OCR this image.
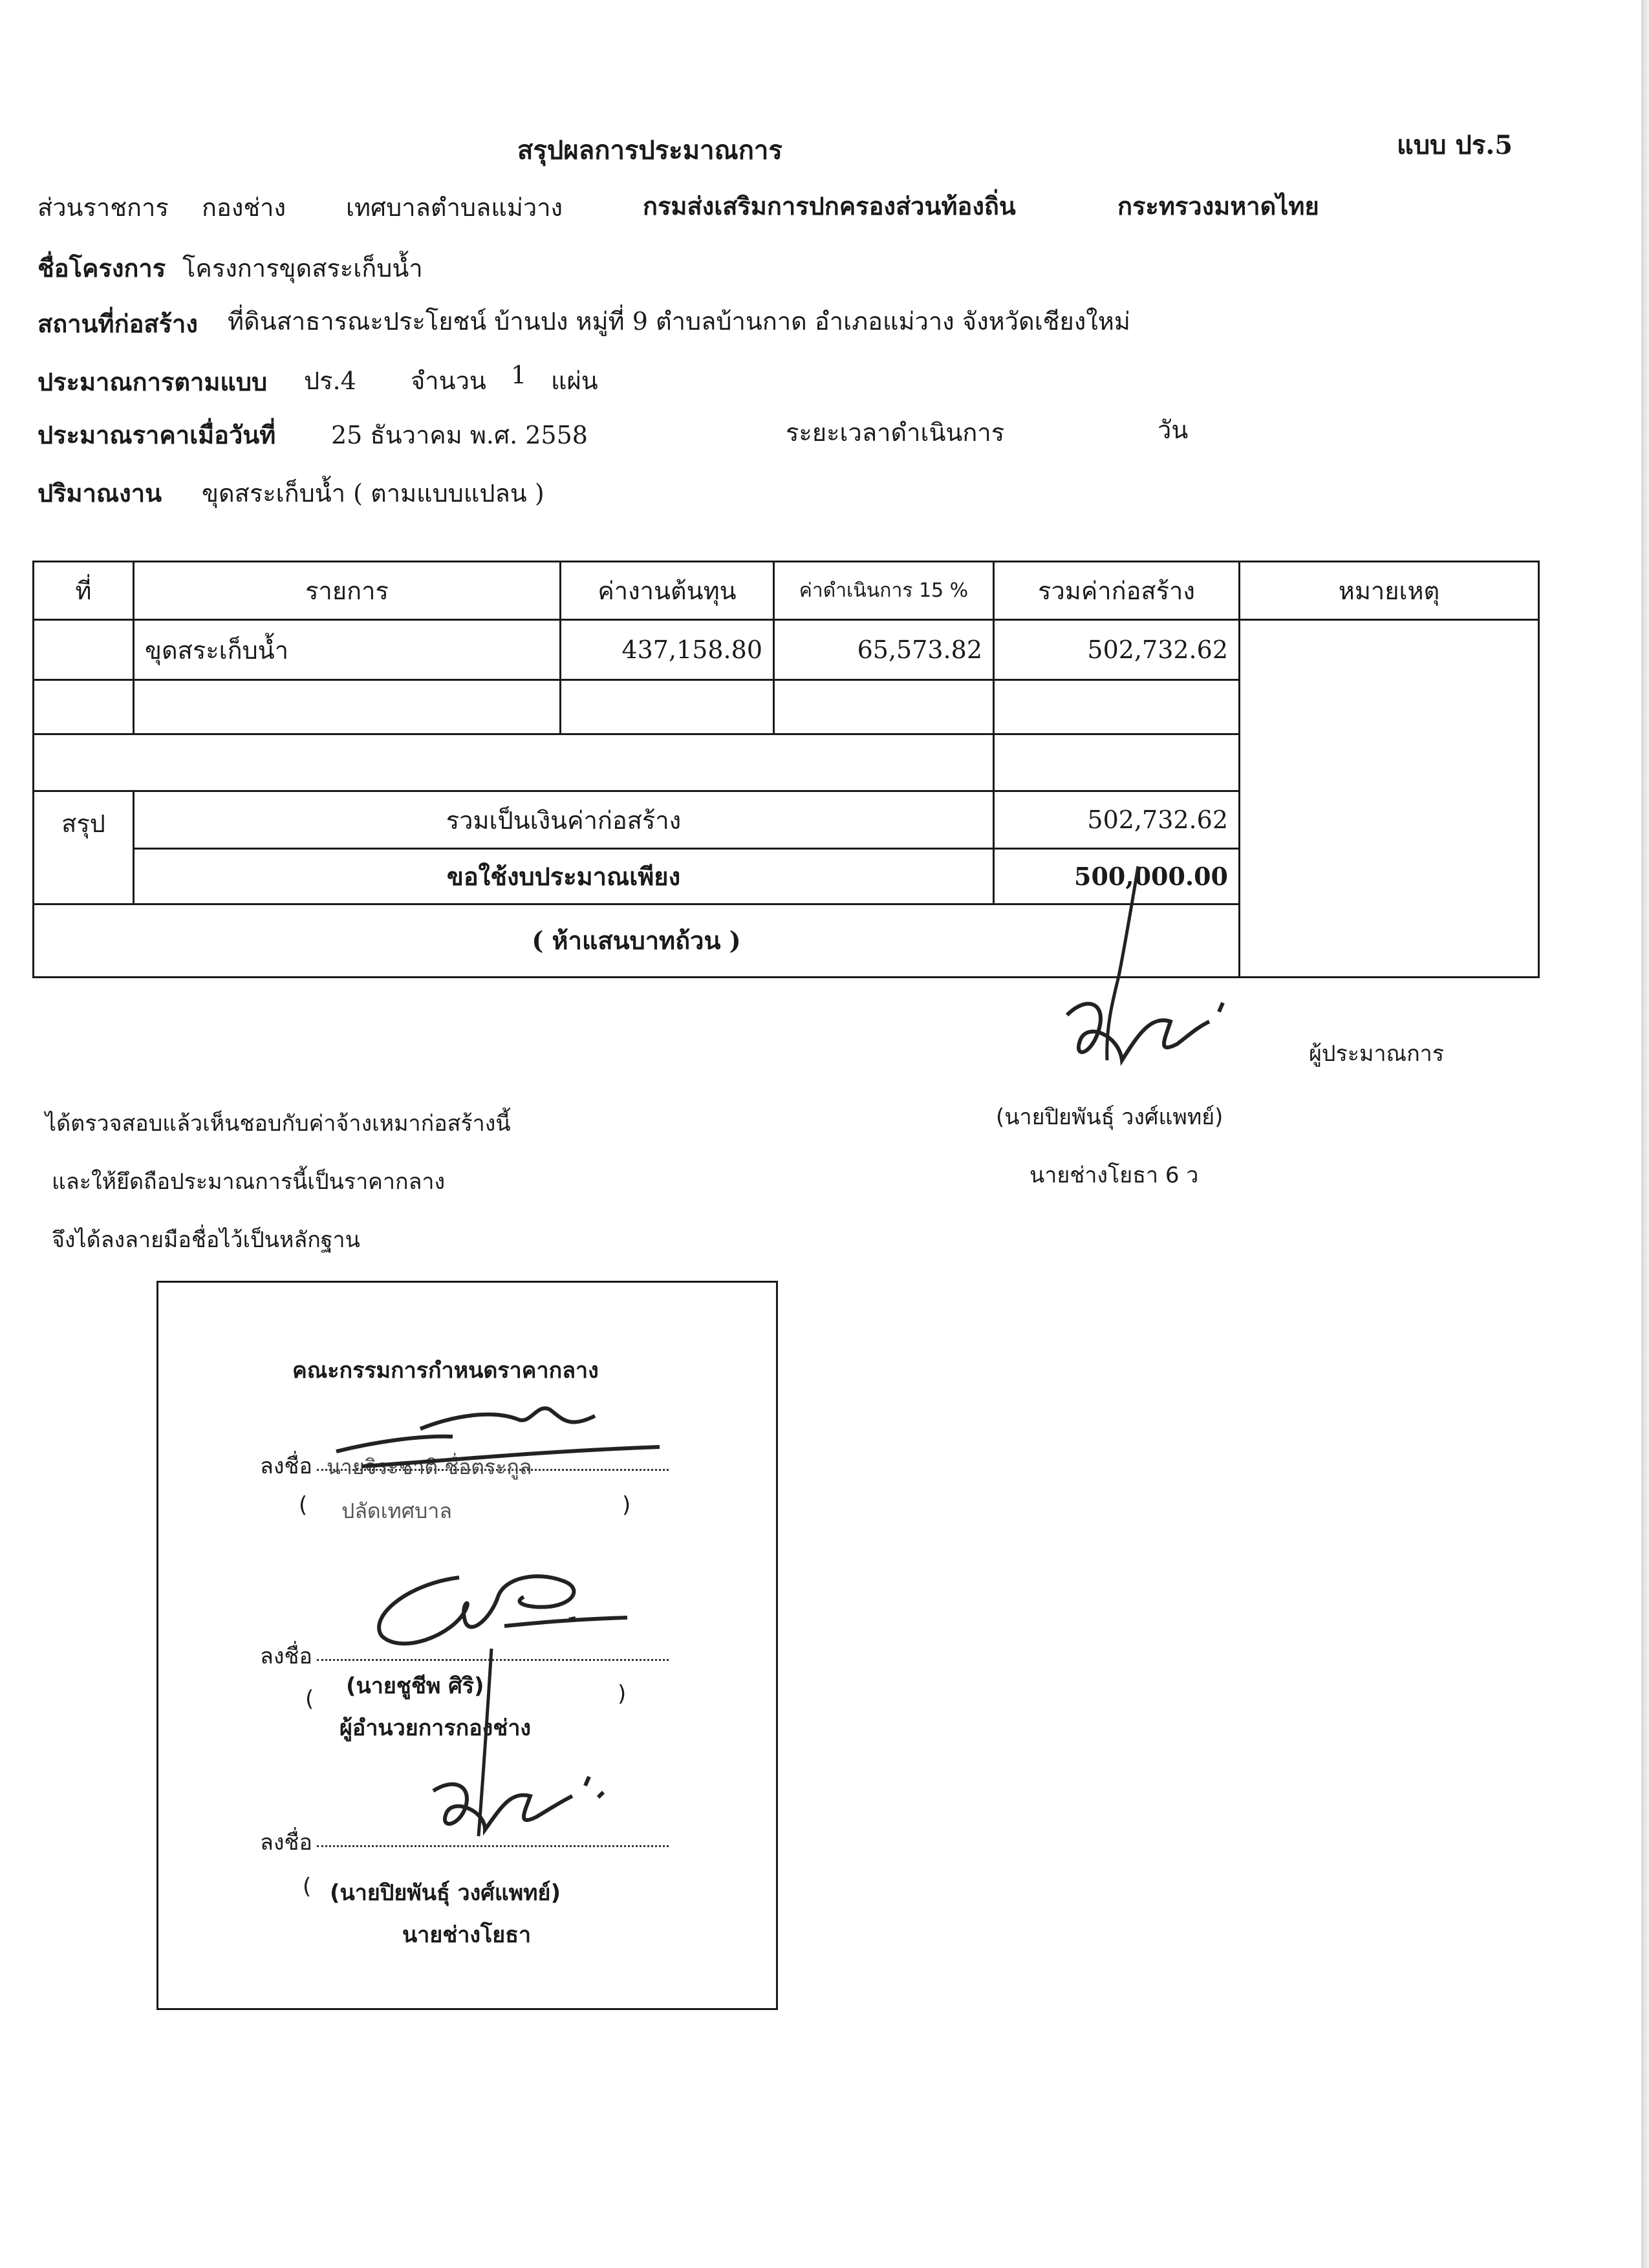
สรุปผลการประมาณการ	แบบ ปร.5
ส่วนราชการ กองช่าง เทศบาลตำบลแม่วาง	กรมส่งเสริมการปกครองส่วนท้องถิ่น	กระทรวงมหาดไทย
ชื่อโครงการ โครงการขุดสระเก็บน้ำ
สถานที่ก่อสร้าง ที่ดินสาธารณะประโยชน์ บ้านปง หมู่ที่ 9 ตำบลบ้านกาด อำเภอแม่วาง จังหวัดเชียงใหม่
ประมาณการตามแบบ ปร.4 จำนวน 1 แผ่น
ประมาณราคาเมื่อวันที่ 25 ธันวาคม พ.ศ. 2558	ระยะเวลาดำเนินการ	วัน
ปริมาณงาน ขุดสระเก็บน้ำ ( ตามแบบแปลน )
ที่	รายการ	ค่างานต้นทุน	ค่าดำเนินการ 15 %	รวมค่าก่อสร้าง	หมายเหตุ
	ขุดสระเก็บน้ำ	437,158.80	65,573.82	502,732.62	

สรุป	รวมเป็นเงินค่าก่อสร้าง			502,732.62	
	ขอใช้งบประมาณเพียง			500,000.00	
( ห้าแสนบาทถ้วน )					
ผู้ประมาณการ
(นายปิยพันธุ์ วงศ์แพทย์)
นายช่างโยธา 6 ว
ได้ตรวจสอบแล้วเห็นชอบกับค่าจ้างเหมาก่อสร้างนี้
และให้ยึดถือประมาณการนี้เป็นราคากลาง
จึงได้ลงลายมือชื่อไว้เป็นหลักฐาน
คณะกรรมการกำหนดราคากลาง
ลงชื่อ นายจิระชาติ ชื่อตระกูล
( ปลัดเทศบาล	)
ลงชื่อ
( (นายชูชีพ ศิริ)	)
ผู้อำนวยการกองช่าง
ลงชื่อ
( (นายปิยพันธุ์ วงศ์แพทย์)
นายช่างโยธา
